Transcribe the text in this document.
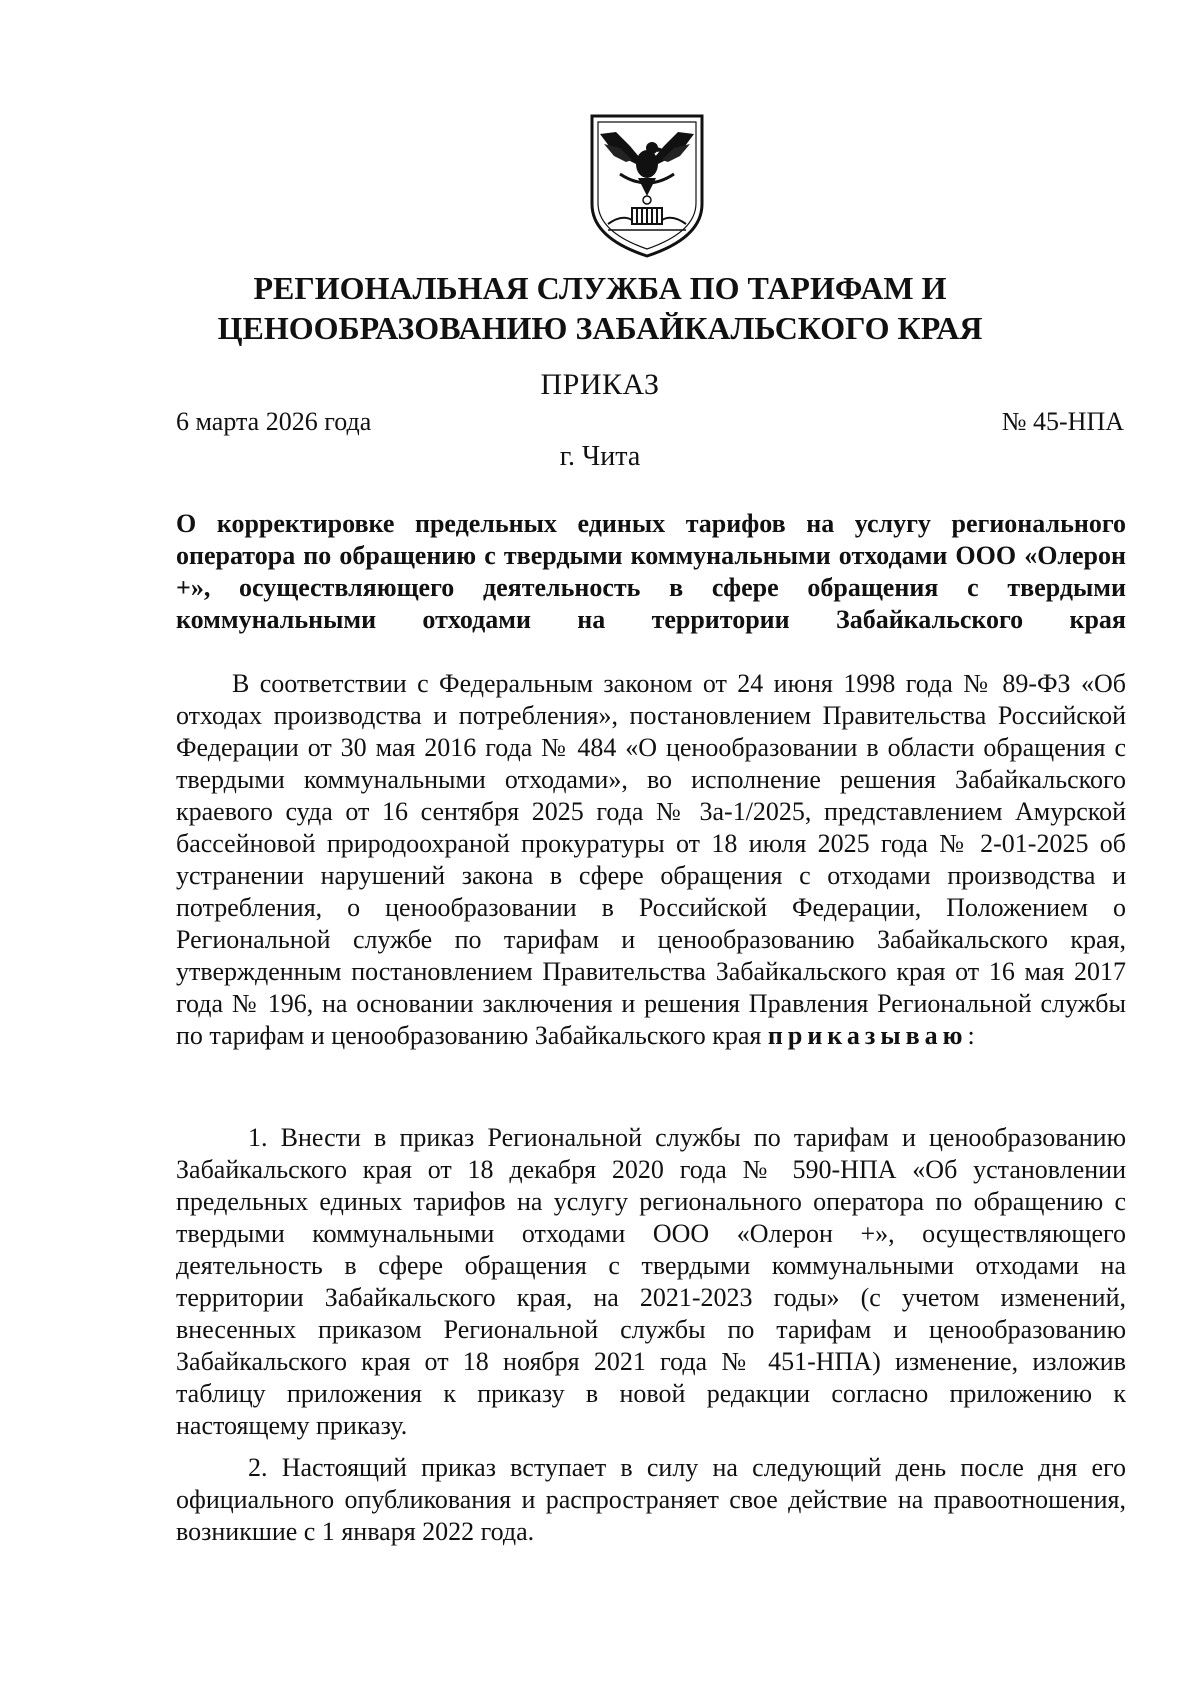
РЕГИОНАЛЬНАЯ СЛУЖБА ПО ТАРИФАМ И
ЦЕНООБРАЗОВАНИЮ ЗАБАЙКАЛЬСКОГО КРАЯ
ПРИКАЗ
6 марта 2026 года	№ 45-НПА
г. Чита
О корректировке предельных единых тарифов на услугу регионального оператора по обращению с твердыми коммунальными отходами ООО «Олерон +», осуществляющего деятельность в сфере обращения с твердыми коммунальными отходами на территории Забайкальского края
В соответствии с Федеральным законом от 24 июня 1998 года № 89-ФЗ «Об отходах производства и потребления», постановлением Правительства Российской Федерации от 30 мая 2016 года № 484 «О ценообразовании в области обращения с твердыми коммунальными отходами», во исполнение решения Забайкальского краевого суда от 16 сентября 2025 года № 3а-1/2025, представлением Амурской бассейновой природоохраной прокуратуры от 18 июля 2025 года № 2-01-2025 об устранении нарушений закона в сфере обращения с отходами производства и потребления, о ценообразовании в Российской Федерации, Положением о Региональной службе по тарифам и ценообразованию Забайкальского края, утвержденным постановлением Правительства Забайкальского края от 16 мая 2017 года № 196, на основании заключения и решения Правления Региональной службы по тарифам и ценообразованию Забайкальского края приказываю:
1. Внести в приказ Региональной службы по тарифам и ценообразованию Забайкальского края от 18 декабря 2020 года № 590-НПА «Об установлении предельных единых тарифов на услугу регионального оператора по обращению с твердыми коммунальными отходами ООО «Олерон +», осуществляющего деятельность в сфере обращения с твердыми коммунальными отходами на территории Забайкальского края, на 2021-2023 годы» (с учетом изменений, внесенных приказом Региональной службы по тарифам и ценообразованию Забайкальского края от 18 ноября 2021 года № 451-НПА) изменение, изложив таблицу приложения к приказу в новой редакции согласно приложению к настоящему приказу.
2. Настоящий приказ вступает в силу на следующий день после дня его официального опубликования и распространяет свое действие на правоотношения, возникшие с 1 января 2022 года.
